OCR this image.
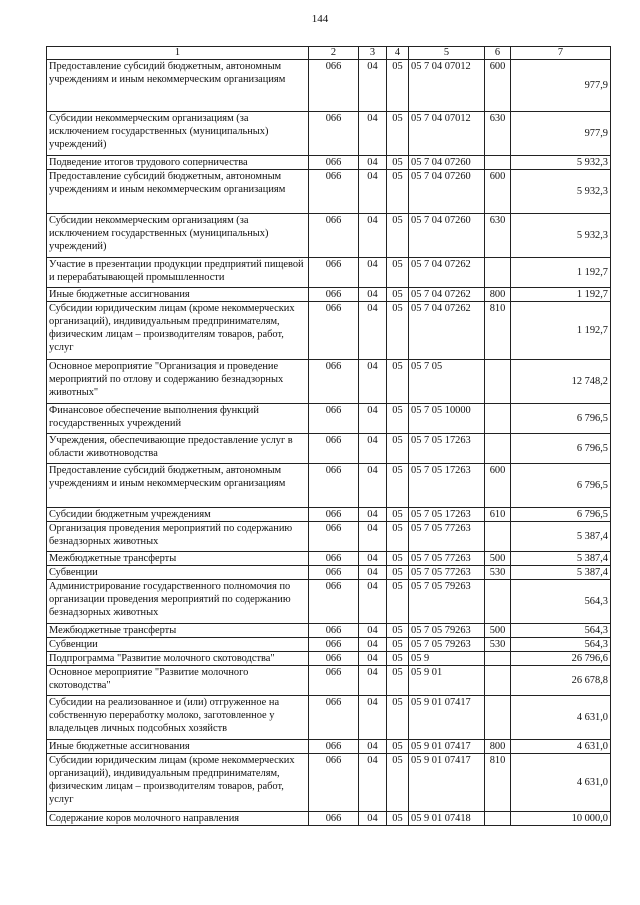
144
1	2	3	4	5	6	7
Предоставление субсидий бюджетным, автономным учреждениям и иным некоммерческим организациям	066	04	05	05 7 04 07012	600	977,9
Субсидии некоммерческим организациям (за исключением государственных (муниципальных) учреждений)	066	04	05	05 7 04 07012	630	977,9
Подведение итогов трудового соперничества	066	04	05	05 7 04 07260		5 932,3
Предоставление субсидий бюджетным, автономным учреждениям и иным некоммерческим организациям	066	04	05	05 7 04 07260	600	5 932,3
Субсидии некоммерческим организациям (за исключением государственных (муниципальных) учреждений)	066	04	05	05 7 04 07260	630	5 932,3
Участие в презентации продукции предприятий пищевой и перерабатывающей промышленности	066	04	05	05 7 04 07262		1 192,7
Иные бюджетные ассигнования	066	04	05	05 7 04 07262	800	1 192,7
Субсидии юридическим лицам (кроме некоммерческих организаций), индивидуальным предпринимателям, физическим лицам – производителям товаров, работ, услуг	066	04	05	05 7 04 07262	810	1 192,7
Основное мероприятие "Организация и проведение мероприятий по отлову и содержанию безнадзорных животных"	066	04	05	05 7 05		12 748,2
Финансовое обеспечение выполнения функций государственных учреждений	066	04	05	05 7 05 10000		6 796,5
Учреждения, обеспечивающие предоставление услуг в области животноводства	066	04	05	05 7 05 17263		6 796,5
Предоставление субсидий бюджетным, автономным учреждениям и иным некоммерческим организациям	066	04	05	05 7 05 17263	600	6 796,5
Субсидии бюджетным учреждениям	066	04	05	05 7 05 17263	610	6 796,5
Организация проведения мероприятий по содержанию безнадзорных животных	066	04	05	05 7 05 77263		5 387,4
Межбюджетные трансферты	066	04	05	05 7 05 77263	500	5 387,4
Субвенции	066	04	05	05 7 05 77263	530	5 387,4
Администрирование государственного полномочия по организации проведения мероприятий по содержанию безнадзорных животных	066	04	05	05 7 05 79263		564,3
Межбюджетные трансферты	066	04	05	05 7 05 79263	500	564,3
Субвенции	066	04	05	05 7 05 79263	530	564,3
Подпрограмма "Развитие молочного скотоводства"	066	04	05	05 9		26 796,6
Основное мероприятие "Развитие молочного скотоводства"	066	04	05	05 9 01		26 678,8
Субсидии на реализованное и (или) отгруженное на собственную переработку молоко, заготовленное у владельцев личных подсобных хозяйств	066	04	05	05 9 01 07417		4 631,0
Иные бюджетные ассигнования	066	04	05	05 9 01 07417	800	4 631,0
Субсидии юридическим лицам (кроме некоммерческих организаций), индивидуальным предпринимателям, физическим лицам – производителям товаров, работ, услуг	066	04	05	05 9 01 07417	810	4 631,0
Содержание коров молочного направления	066	04	05	05 9 01 07418		10 000,0
